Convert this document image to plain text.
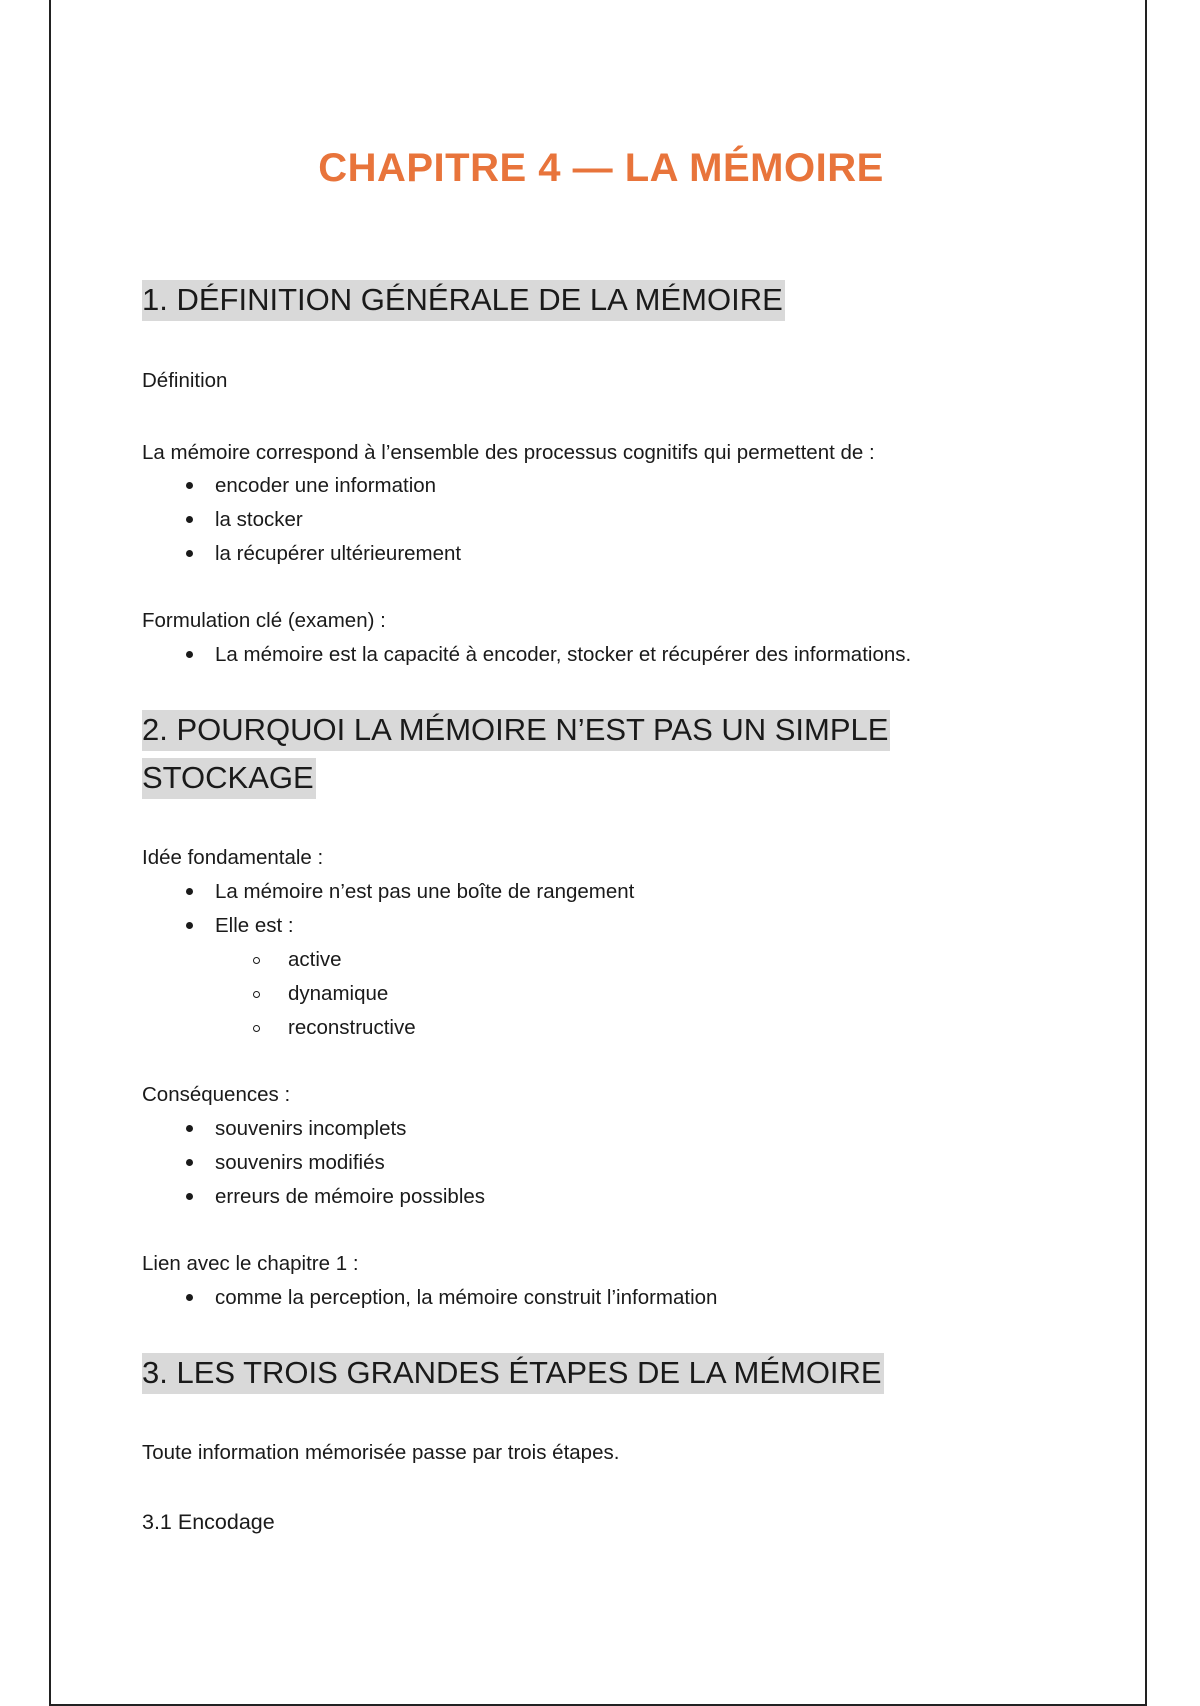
CHAPITRE 4 — LA MÉMOIRE
1. DÉFINITION GÉNÉRALE DE LA MÉMOIRE
Définition
La mémoire correspond à l’ensemble des processus cognitifs qui permettent de :
encoder une information
la stocker
la récupérer ultérieurement
Formulation clé (examen) :
La mémoire est la capacité à encoder, stocker et récupérer des informations.
2. POURQUOI LA MÉMOIRE N’EST PAS UN SIMPLE
STOCKAGE
Idée fondamentale :
La mémoire n’est pas une boîte de rangement
Elle est :
active
dynamique
reconstructive
Conséquences :
souvenirs incomplets
souvenirs modifiés
erreurs de mémoire possibles
Lien avec le chapitre 1 :
comme la perception, la mémoire construit l’information
3. LES TROIS GRANDES ÉTAPES DE LA MÉMOIRE
Toute information mémorisée passe par trois étapes.
3.1 Encodage
